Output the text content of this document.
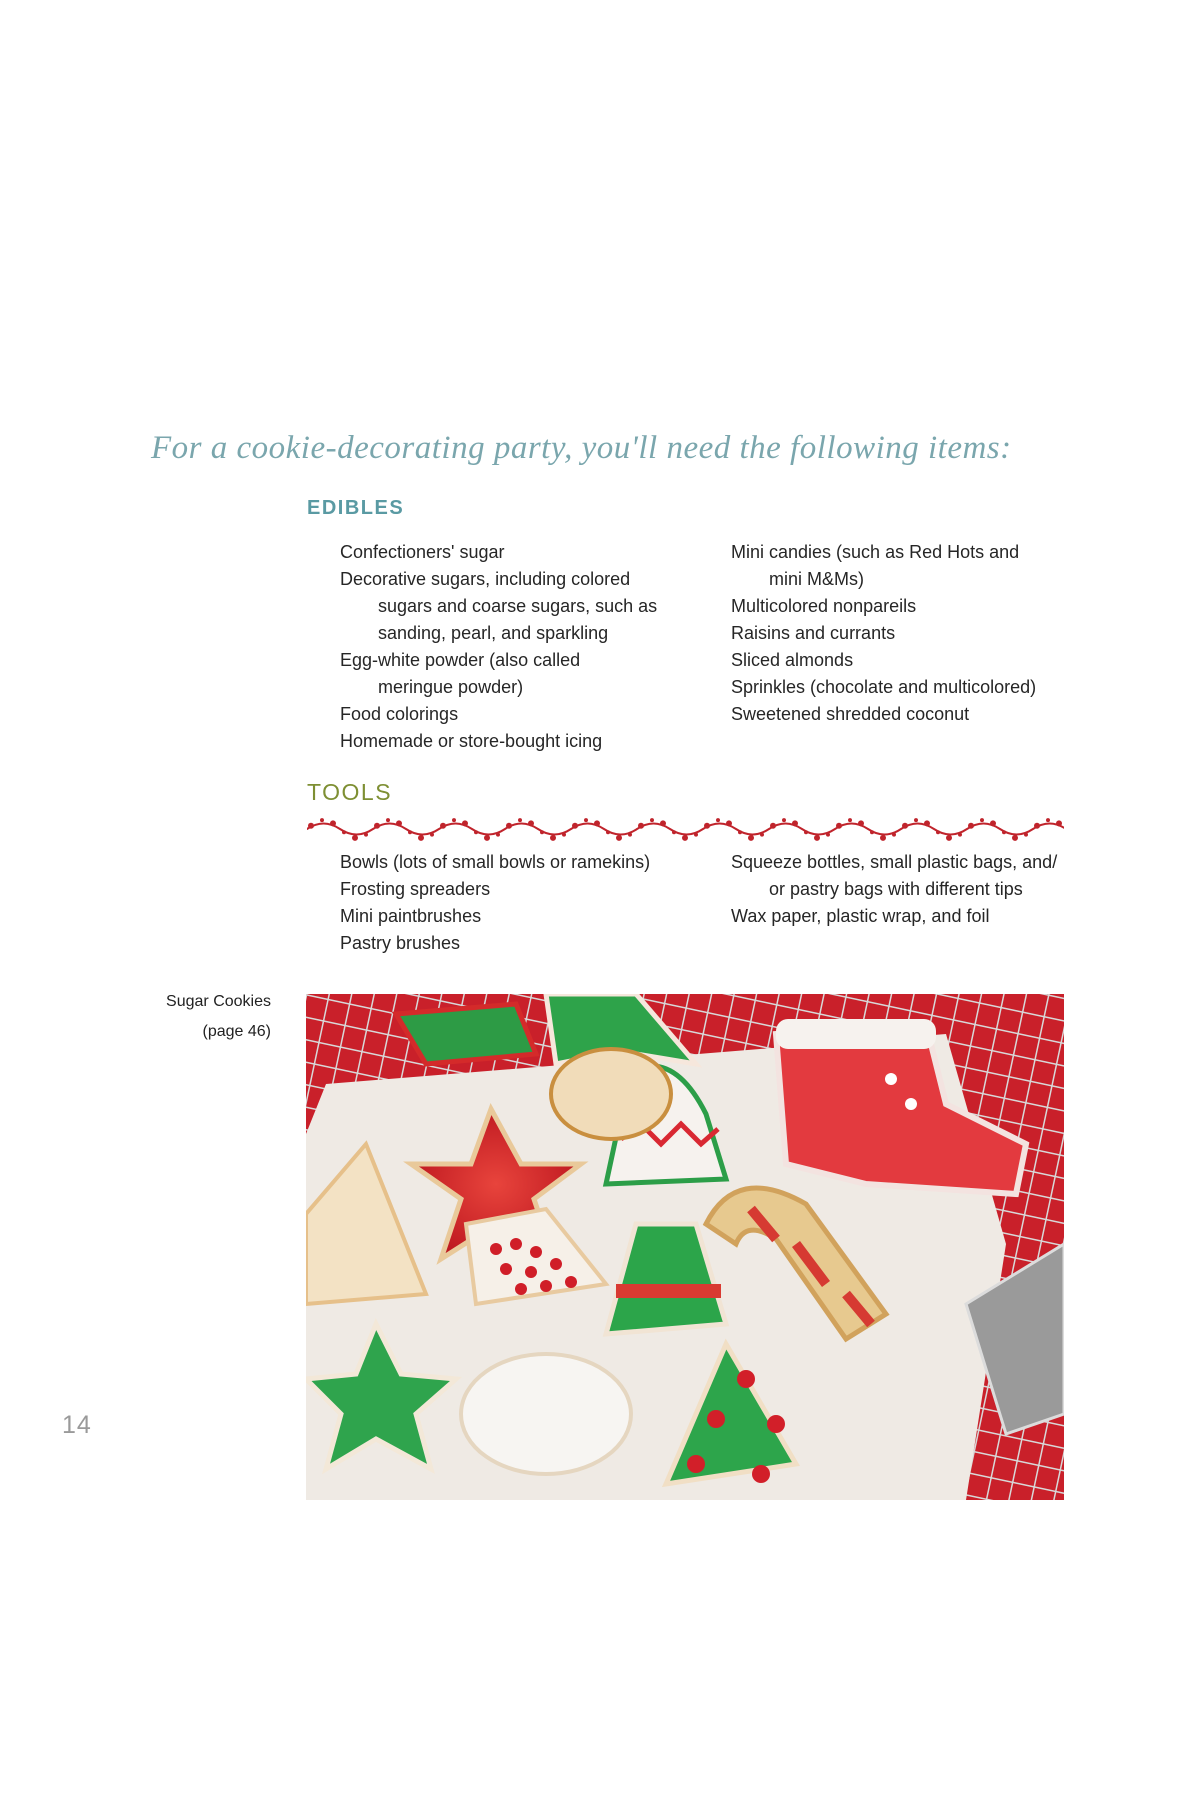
For a cookie-decorating party, you'll need the following items:
EDIBLES
Confectioners' sugar
Decorative sugars, including colored
sugars and coarse sugars, such as
sanding, pearl, and sparkling
Egg-white powder (also called
meringue powder)
Food colorings
Homemade or store-bought icing
Mini candies (such as Red Hots and
mini M&Ms)
Multicolored nonpareils
Raisins and currants
Sliced almonds
Sprinkles (chocolate and multicolored)
Sweetened shredded coconut
TOOLS
Bowls (lots of small bowls or ramekins)
Frosting spreaders
Mini paintbrushes
Pastry brushes
Squeeze bottles, small plastic bags, and/
or pastry bags with different tips
Wax paper, plastic wrap, and foil
Sugar Cookies
(page 46)
14
